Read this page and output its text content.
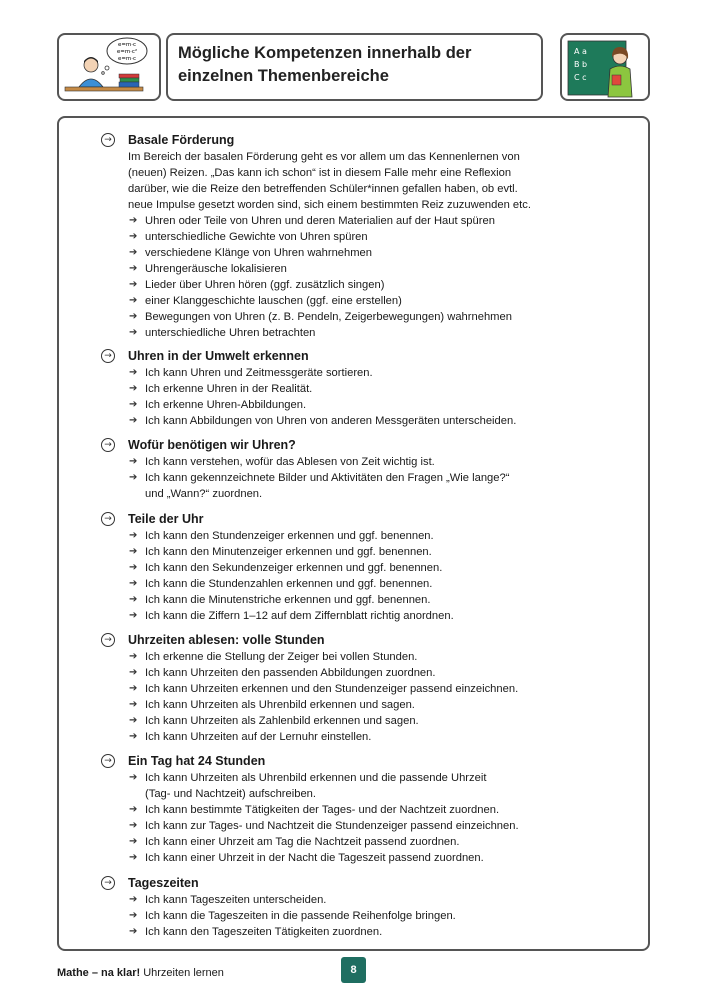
e=m·c
e=m·c²
e=m·c	Mögliche Kompetenzen innerhalb der
einzelnen Themenbereiche

A a
B b
C c
→ Basale Förderung

Im Bereich der basalen Förderung geht es vor allem um das Kennenlernen von

(neuen) Reizen. „Das kann ich schon“ ist in diesem Falle mehr eine Reflexion

darüber, wie die Reize den betreffenden Schüler*innen gefallen haben, ob evtl.

neue Impulse gesetzt worden sind, sich einem bestimmten Reiz zuzuwenden etc.

➔ Uhren oder Teile von Uhren und deren Materialien auf der Haut spüren
➔ unterschiedliche Gewichte von Uhren spüren
➔ verschiedene Klänge von Uhren wahrnehmen
➔ Uhrengeräusche lokalisieren
➔ Lieder über Uhren hören (ggf. zusätzlich singen)
➔ einer Klanggeschichte lauschen (ggf. eine erstellen)
➔ Bewegungen von Uhren (z. B. Pendeln, Zeigerbewegungen) wahrnehmen
➔ unterschiedliche Uhren betrachten
→ Uhren in der Umwelt erkennen
➔ Ich kann Uhren und Zeitmessgeräte sortieren.
➔ Ich erkenne Uhren in der Realität.
➔ Ich erkenne Uhren-Abbildungen.
➔ Ich kann Abbildungen von Uhren von anderen Messgeräten unterscheiden.
→ Wofür benötigen wir Uhren?
➔ Ich kann verstehen, wofür das Ablesen von Zeit wichtig ist.
➔ Ich kann gekennzeichnete Bilder und Aktivitäten den Fragen „Wie lange?“
und „Wann?“ zuordnen.
→ Teile der Uhr
➔ Ich kann den Stundenzeiger erkennen und ggf. benennen.
➔ Ich kann den Minutenzeiger erkennen und ggf. benennen.
➔ Ich kann den Sekundenzeiger erkennen und ggf. benennen.
➔ Ich kann die Stundenzahlen erkennen und ggf. benennen.
➔ Ich kann die Minutenstriche erkennen und ggf. benennen.
➔ Ich kann die Ziffern 1–12 auf dem Ziffernblatt richtig anordnen.
→ Uhrzeiten ablesen: volle Stunden
➔ Ich erkenne die Stellung der Zeiger bei vollen Stunden.
➔ Ich kann Uhrzeiten den passenden Abbildungen zuordnen.
➔ Ich kann Uhrzeiten erkennen und den Stundenzeiger passend einzeichnen.
➔ Ich kann Uhrzeiten als Uhrenbild erkennen und sagen.
➔ Ich kann Uhrzeiten als Zahlenbild erkennen und sagen.
➔ Ich kann Uhrzeiten auf der Lernuhr einstellen.
→ Ein Tag hat 24 Stunden
➔ Ich kann Uhrzeiten als Uhrenbild erkennen und die passende Uhrzeit
(Tag- und Nachtzeit) aufschreiben.
➔ Ich kann bestimmte Tätigkeiten der Tages- und der Nachtzeit zuordnen.
➔ Ich kann zur Tages- und Nachtzeit die Stundenzeiger passend einzeichnen.
➔ Ich kann einer Uhrzeit am Tag die Nachtzeit passend zuordnen.
➔ Ich kann einer Uhrzeit in der Nacht die Tageszeit passend zuordnen.
→ Tageszeiten
➔ Ich kann Tageszeiten unterscheiden.
➔ Ich kann die Tageszeiten in die passende Reihenfolge bringen.
➔ Ich kann den Tageszeiten Tätigkeiten zuordnen.
Mathe – na klar! Uhrzeiten lernen	8
